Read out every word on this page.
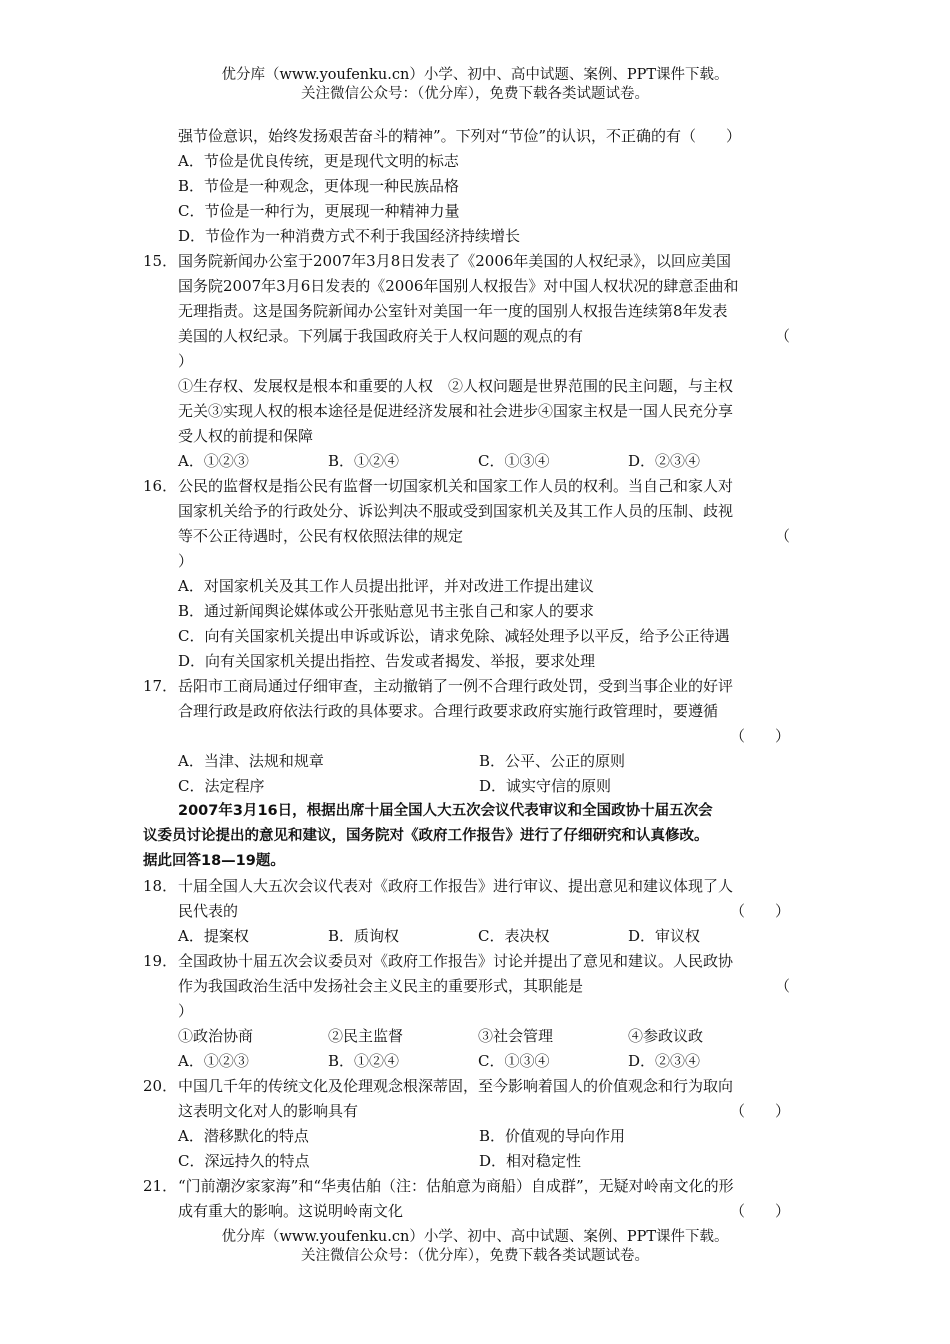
优分库（www.youfenku.cn）小学、初中、高中试题、案例、PPT课件下载。
关注微信公众号：（优分库），免费下载各类试题试卷。
强节俭意识，始终发扬艰苦奋斗的精神”。下列对“节俭”的认识，不正确的有（　　）
A．节俭是优良传统，更是现代文明的标志
B．节俭是一种观念，更体现一种民族品格
C．节俭是一种行为，更展现一种精神力量
D．节俭作为一种消费方式不利于我国经济持续增长
15．国务院新闻办公室于2007年3月8日发表了《2006年美国的人权纪录》，以回应美国
国务院2007年3月6日发表的《2006年国别人权报告》对中国人权状况的肆意歪曲和
无理指责。这是国务院新闻办公室针对美国一年一度的国别人权报告连续第8年发表
美国的人权纪录。下列属于我国政府关于人权问题的观点的有	（
）
①生存权、发展权是根本和重要的人权　②人权问题是世界范围的民主问题，与主权
无关③实现人权的根本途径是促进经济发展和社会进步④国家主权是一国人民充分享
受人权的前提和保障
A．①②③	B．①②④	C．①③④	D．②③④
16．公民的监督权是指公民有监督一切国家机关和国家工作人员的权利。当自己和家人对
国家机关给予的行政处分、诉讼判决不服或受到国家机关及其工作人员的压制、歧视
等不公正待遇时，公民有权依照法律的规定	（
）
A．对国家机关及其工作人员提出批评，并对改进工作提出建议
B．通过新闻舆论媒体或公开张贴意见书主张自己和家人的要求
C．向有关国家机关提出申诉或诉讼，请求免除、减轻处理予以平反，给予公正待遇
D．向有关国家机关提出指控、告发或者揭发、举报，要求处理
17．岳阳市工商局通过仔细审查，主动撤销了一例不合理行政处罚，受到当事企业的好评
合理行政是政府依法行政的具体要求。合理行政要求政府实施行政管理时，要遵循
（　　）
A．当津、法规和规章	B．公平、公正的原则
C．法定程序	D．诚实守信的原则
2007年3月16日，根据出席十届全国人大五次会议代表审议和全国政协十届五次会
议委员讨论提出的意见和建议，国务院对《政府工作报告》进行了仔细研究和认真修改。
据此回答18—19题。
18．十届全国人大五次会议代表对《政府工作报告》进行审议、提出意见和建议体现了人
民代表的	（　　）
A．提案权	B．质询权	C．表决权	D．审议权
19．全国政协十届五次会议委员对《政府工作报告》讨论并提出了意见和建议。人民政协
作为我国政治生活中发扬社会主义民主的重要形式，其职能是	（
）
①政治协商	②民主监督	③社会管理	④参政议政
A．①②③	B．①②④	C．①③④	D．②③④
20．中国几千年的传统文化及伦理观念根深蒂固，至今影响着国人的价值观念和行为取向
这表明文化对人的影响具有	（　　）
A．潜移默化的特点	B．价值观的导向作用
C．深远持久的特点	D．相对稳定性
21．“门前潮汐家家海”和“华夷估舶（注：估舶意为商船）自成群”，无疑对岭南文化的形
成有重大的影响。这说明岭南文化	（　　）
优分库（www.youfenku.cn）小学、初中、高中试题、案例、PPT课件下载。
关注微信公众号：（优分库），免费下载各类试题试卷。
